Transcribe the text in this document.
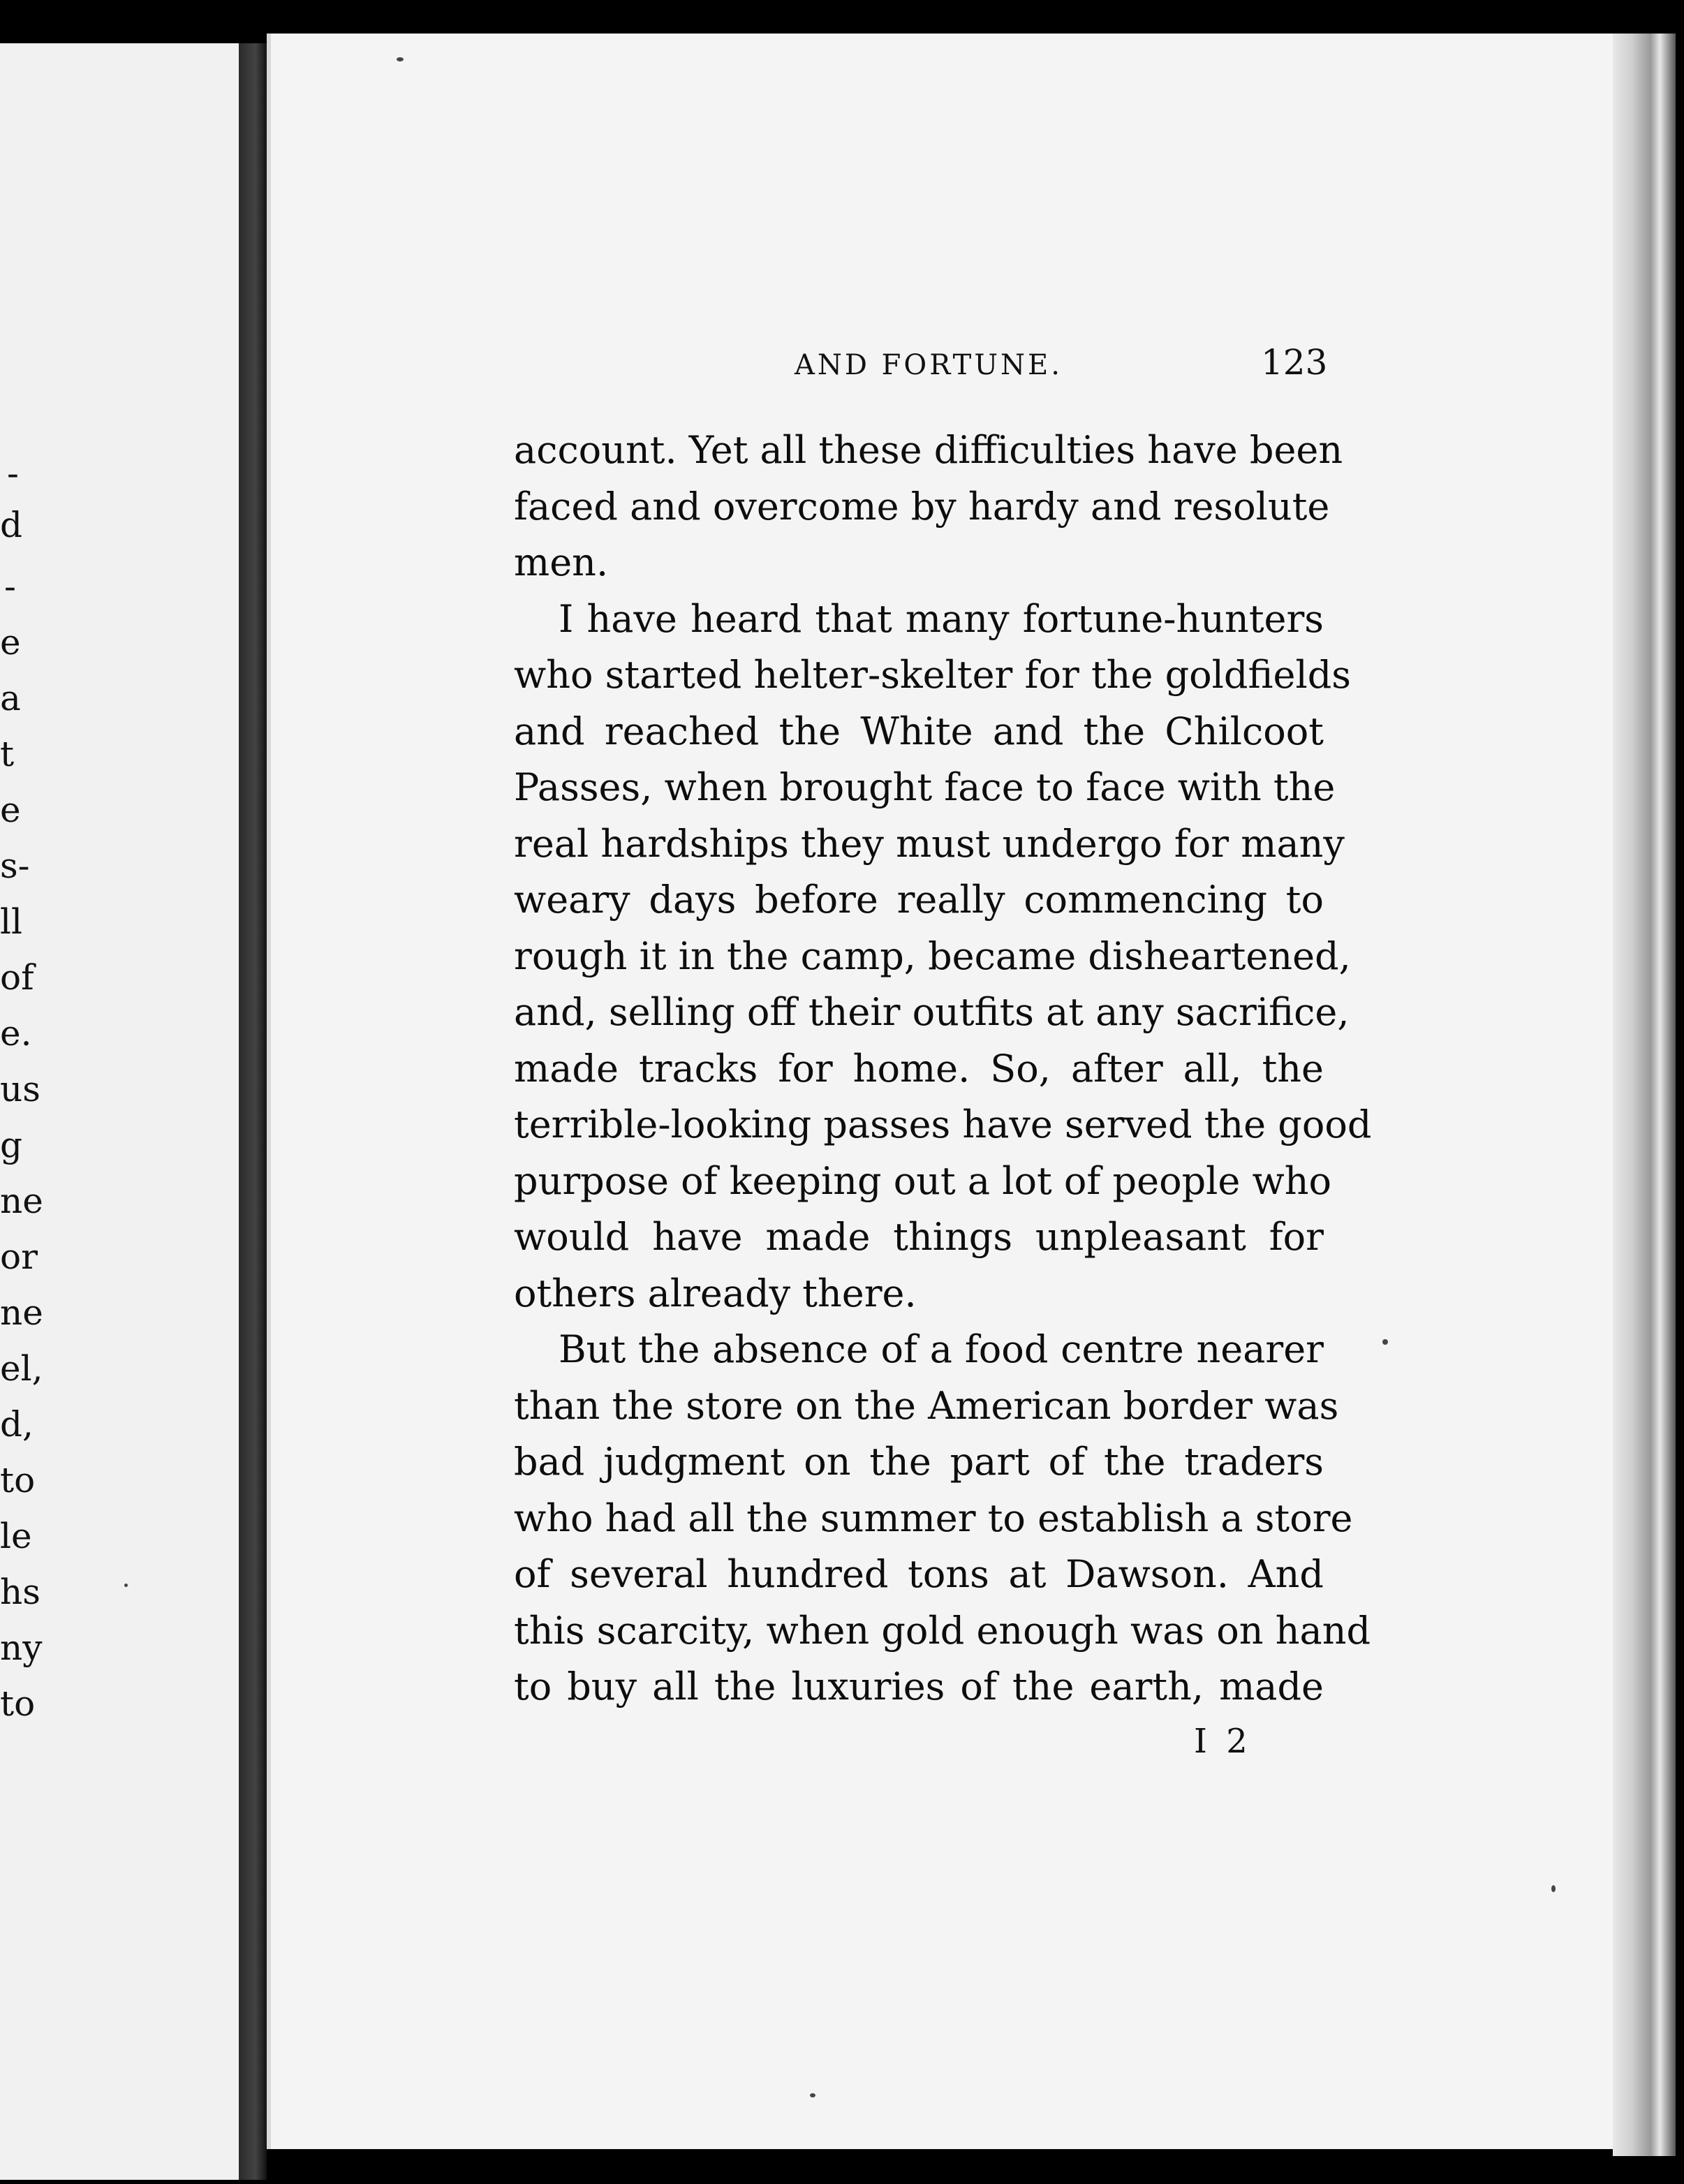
-
d
-
e
a
t
e
s-
ll
of
e.
us
g
ne
or
ne
el,
d,
to
le
hs
ny
to
AND FORTUNE.	123
account. Yet all these difficulties have been
faced and overcome by hardy and resolute
men.
I have heard that many fortune-hunters
who started helter-skelter for the goldfields
and reached the White and the Chilcoot
Passes, when brought face to face with the
real hardships they must undergo for many
weary days before really commencing to
rough it in the camp, became disheartened,
and, selling off their outfits at any sacrifice,
made tracks for home. So, after all, the
terrible-looking passes have served the good
purpose of keeping out a lot of people who
would have made things unpleasant for
others already there.
But the absence of a food centre nearer
than the store on the American border was
bad judgment on the part of the traders
who had all the summer to establish a store
of several hundred tons at Dawson. And
this scarcity, when gold enough was on hand
to buy all the luxuries of the earth, made
I 2
